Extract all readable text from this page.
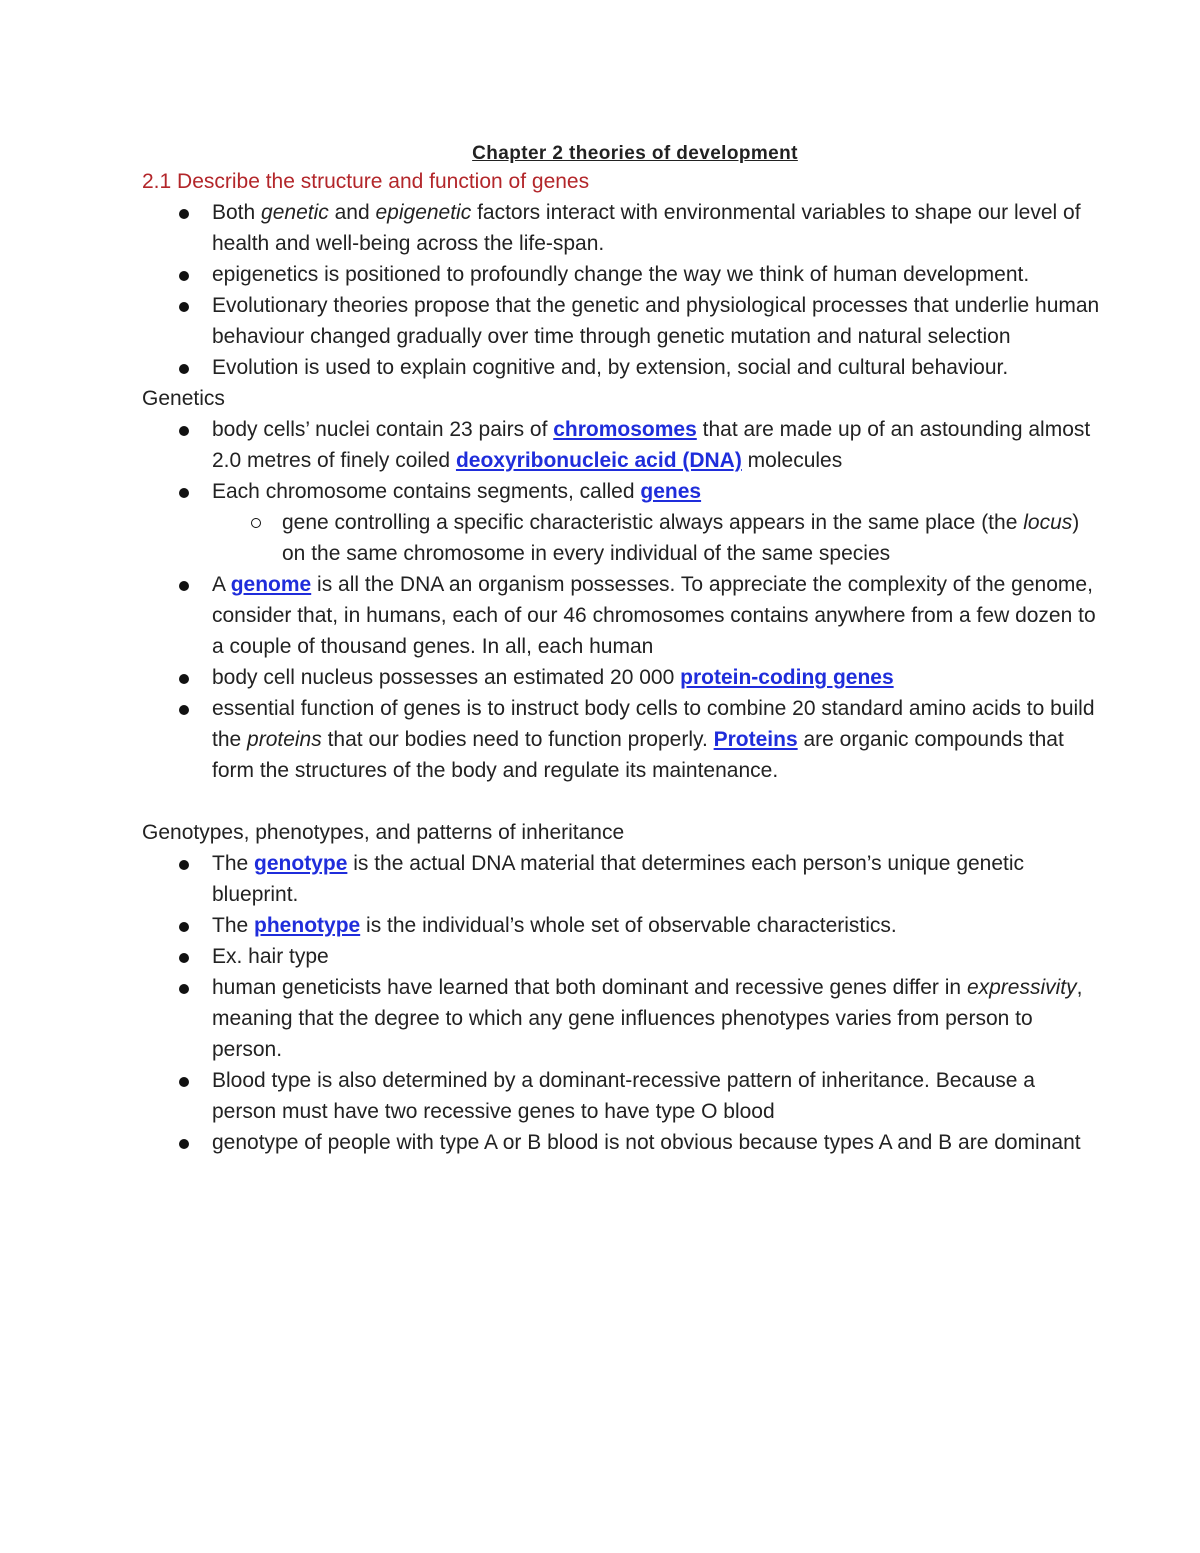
Chapter 2 theories of development
2.1 Describe the structure and function of genes
Both genetic and epigenetic factors interact with environmental variables to shape our level of health and well-being across the life-span.
epigenetics is positioned to profoundly change the way we think of human development.
Evolutionary theories propose that the genetic and physiological processes that underlie human behaviour changed gradually over time through genetic mutation and natural selection
Evolution is used to explain cognitive and, by extension, social and cultural behaviour.
Genetics
body cells’ nuclei contain 23 pairs of chromosomes that are made up of an astounding almost 2.0 metres of finely coiled deoxyribonucleic acid (DNA) molecules
Each chromosome contains segments, called genes
gene controlling a specific characteristic always appears in the same place (the locus) on the same chromosome in every individual of the same species
A genome is all the DNA an organism possesses. To appreciate the complexity of the genome, consider that, in humans, each of our 46 chromosomes contains anywhere from a few dozen to a couple of thousand genes. In all, each human
body cell nucleus possesses an estimated 20 000 protein-coding genes
essential function of genes is to instruct body cells to combine 20 standard amino acids to build the proteins that our bodies need to function properly. Proteins are organic compounds that form the structures of the body and regulate its maintenance.
Genotypes, phenotypes, and patterns of inheritance
The genotype is the actual DNA material that determines each person’s unique genetic blueprint.
The phenotype is the individual’s whole set of observable characteristics.
Ex. hair type
human geneticists have learned that both dominant and recessive genes differ in expressivity, meaning that the degree to which any gene influences phenotypes varies from person to person.
Blood type is also determined by a dominant-recessive pattern of inheritance. Because a person must have two recessive genes to have type O blood
genotype of people with type A or B blood is not obvious because types A and B are dominant
